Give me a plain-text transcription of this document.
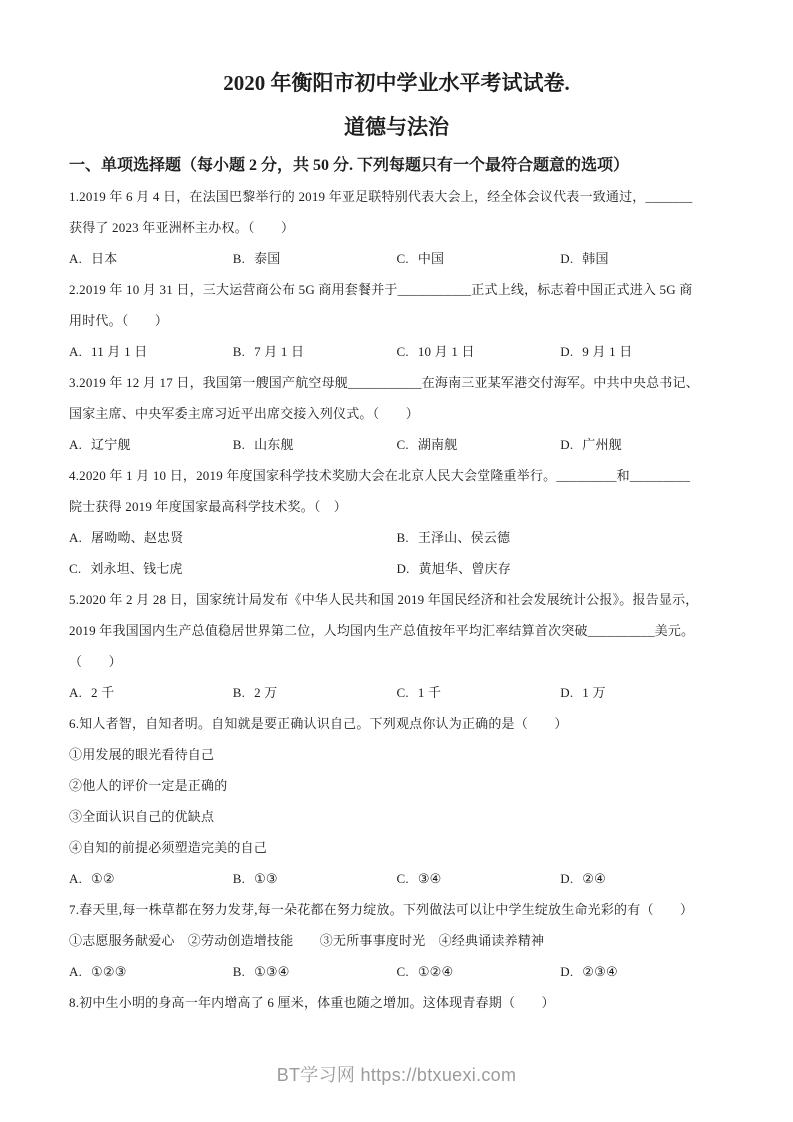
2020 年衡阳市初中学业水平考试试卷.
道德与法治
一、单项选择题（每小题 2 分，共 50 分. 下列每题只有一个最符合题意的选项）

1.2019 年 6 月 4 日，在法国巴黎举行的 2019 年亚足联特别代表大会上，经全体会议代表一致通过，_______

获得了 2023 年亚洲杯主办权。（　　）

A. 日本	B. 泰国	C. 中国	D. 韩国

2.2019 年 10 月 31 日，三大运营商公布 5G 商用套餐并于___________正式上线，标志着中国正式进入 5G 商

用时代。（　　）

A. 11 月 1 日	B. 7 月 1 日	C. 10 月 1 日	D. 9 月 1 日

3.2019 年 12 月 17 日，我国第一艘国产航空母舰___________在海南三亚某军港交付海军。中共中央总书记、

国家主席、中央军委主席习近平出席交接入列仪式。（　　）

A. 辽宁舰	B. 山东舰	C. 湖南舰	D. 广州舰

4.2020 年 1 月 10 日，2019 年度国家科学技术奖励大会在北京人民大会堂隆重举行。_________和_________

院士获得 2019 年度国家最高科学技术奖。（　）

A. 屠呦呦、赵忠贤	B. 王泽山、侯云德
C. 刘永坦、钱七虎	D. 黄旭华、曾庆存

5.2020 年 2 月 28 日，国家统计局发布《中华人民共和国 2019 年国民经济和社会发展统计公报》。报告显示，

2019 年我国国内生产总值稳居世界第二位，人均国内生产总值按年平均汇率结算首次突破__________美元。

（　　）

A. 2 千	B. 2 万	C. 1 千	D. 1 万

6.知人者智，自知者明。自知就是要正确认识自己。下列观点你认为正确的是（　　）

①用发展的眼光看待自己

②他人的评价一定是正确的

③全面认识自己的优缺点

④自知的前提必须塑造完美的自己

A. ①②	B. ①③	C. ③④	D. ②④

7.春天里,每一株草都在努力发芽,每一朵花都在努力绽放。下列做法可以让中学生绽放生命光彩的有（　　）

①志愿服务献爱心　②劳动创造增技能　　③无所事事度时光　④经典诵读养精神

A. ①②③	B. ①③④	C. ①②④	D. ②③④

8.初中生小明的身高一年内增高了 6 厘米，体重也随之增加。这体现青春期（　　）

BT学习网 https://btxuexi.com
